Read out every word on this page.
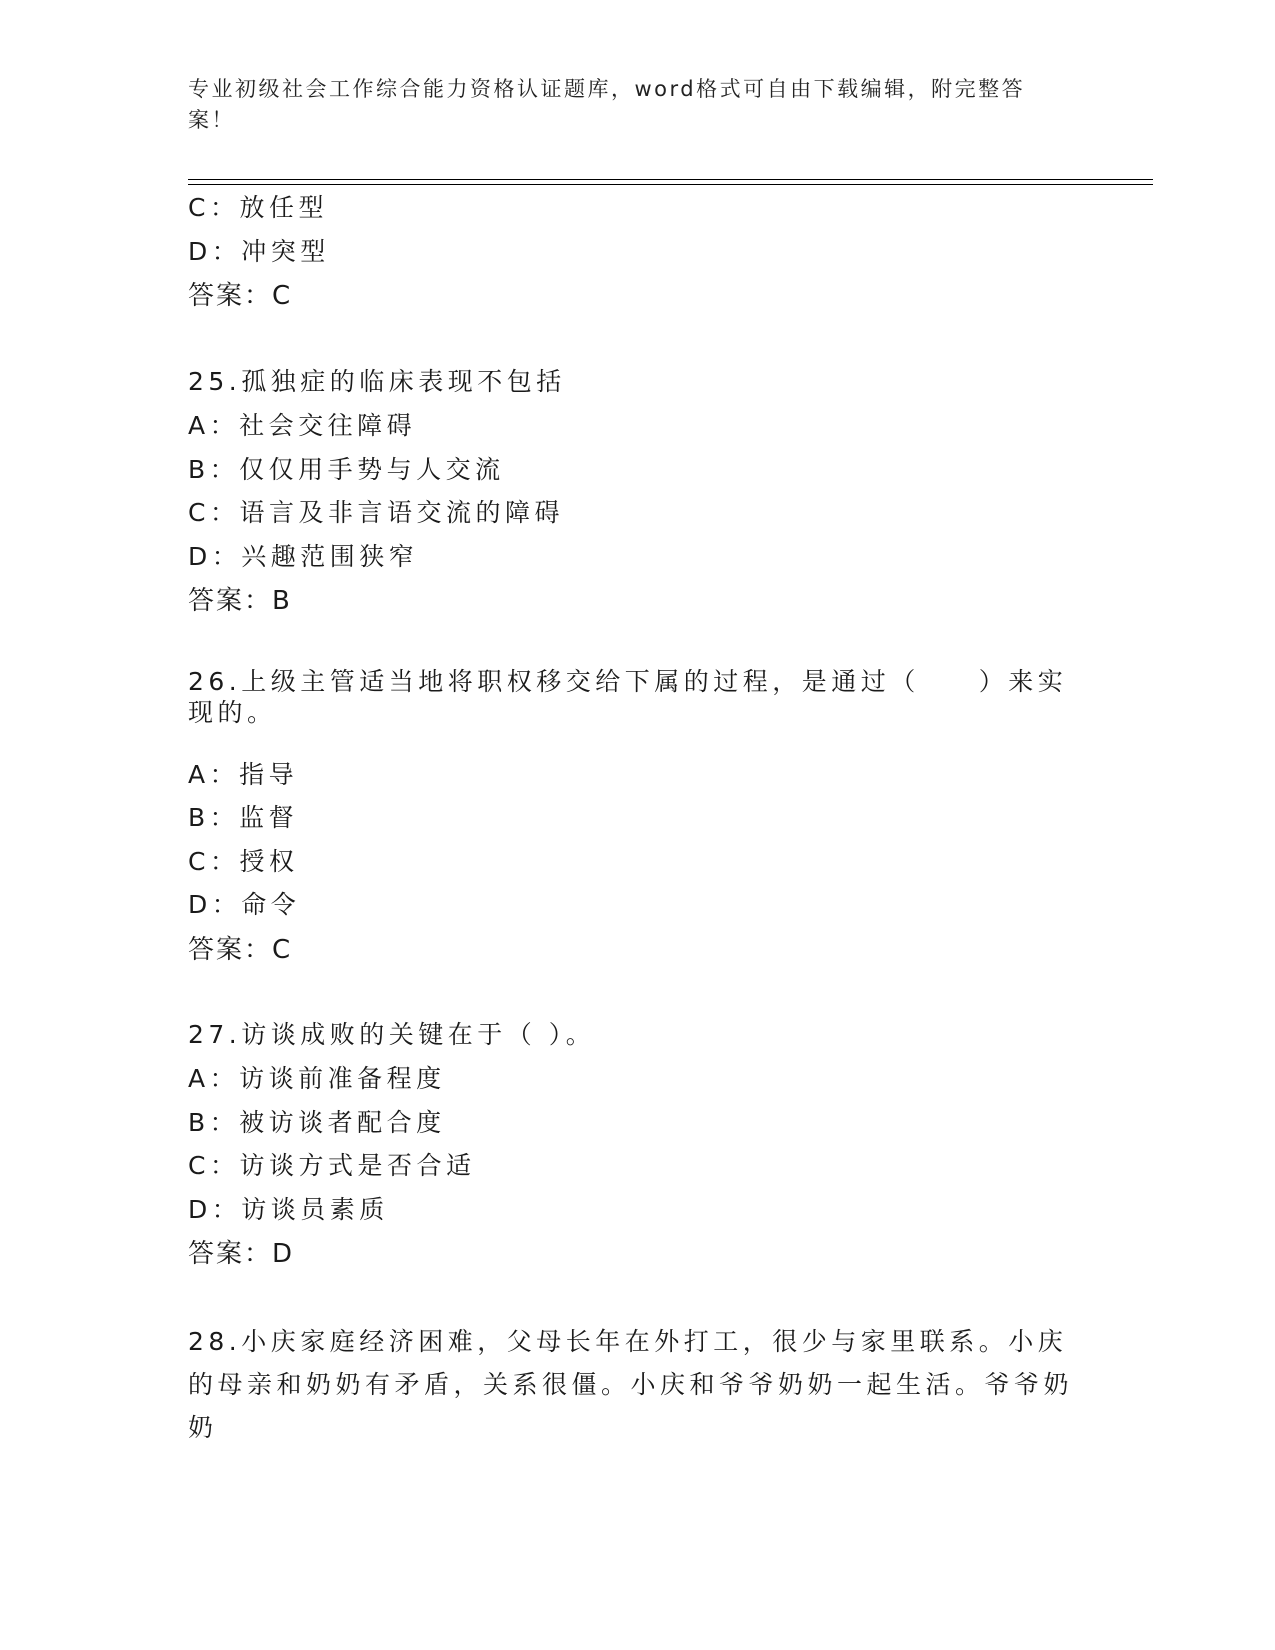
专业初级社会工作综合能力资格认证题库，word格式可自由下载编辑，附完整答案！
C：放任型
D：冲突型
答案：C
25.孤独症的临床表现不包括
A：社会交往障碍
B：仅仅用手势与人交流
C：语言及非言语交流的障碍
D：兴趣范围狭窄
答案：B
26.上级主管适当地将职权移交给下属的过程，是通过（　　）来实现的。
A：指导
B：监督
C：授权
D：命令
答案：C
27.访谈成败的关键在于（ ）。
A：访谈前准备程度
B：被访谈者配合度
C：访谈方式是否合适
D：访谈员素质
答案：D
28.小庆家庭经济困难，父母长年在外打工，很少与家里联系。小庆的母亲和奶奶有矛盾，关系很僵。小庆和爷爷奶奶一起生活。爷爷奶奶
